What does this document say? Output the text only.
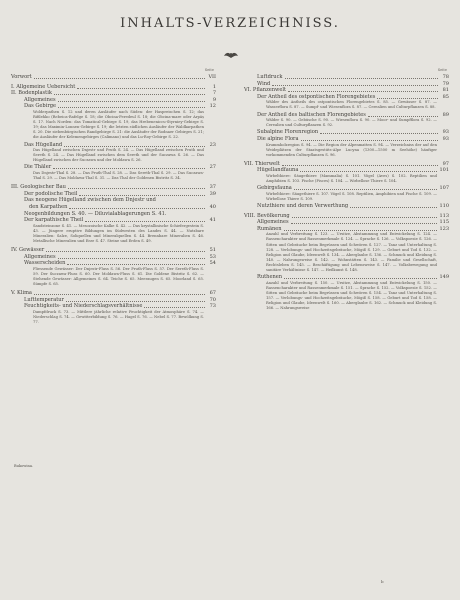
INHALTS-VERZEICHNISS.
Seite
Vorwort	VII
I. Allgemeine Uebersicht	1
II. Bodenplastik	7
Allgemeines	9
Das Gebirge	12
Wolderpathen S. 12 und deren Ausläufer nach Süden: der Haspreischen S. 12; das Rifilehko (Rebeica-Rafelge S. 18; die Obcina-Feredeul S. 18; die Obcina-mare oder Arpăș S. 17. Nach Norden: das Tomatical-Gebirge S. 19, das Hrebeneniccu-Styrniey-Gebirge S. 19; das Maximin-Lonnen-Gebirge S. 19; die letzten südlichen Ausläufer der Waldkarpathen S. 20. Die siebenbürgischen Randgebirge S. 21: die Ausläufer der Rodnaer Gebirges S. 21; die Ausläufer der Kelemengebirges (Calimano) und das Lu-Roy-Gebirge S. 22.
Das Hügelland	23
Das Hügelland zwischen Dnjestr und Pruth S. 24. — Das Hügelland zwischen Pruth und Sereth S. 24. — Das Hügelland zwischen dem Sereth und der Suczawa S. 26. — Das Hügelland zwischen der Suczawa und der Moldawa S. 26.
Die Thäler	27
Das Dnjestr-Thal S. 28. — Das Pruth-Thal S. 28. — Das Sereth-Thal S. 29. — Das Suczawa-Thal S. 29. — Das Moldawa-Thal S. 31. — Das Thal der Goldenen Bistritz S. 34.
III. Geologischer Bau	37
Der podolische Theil	39
Das neogene Hügelland zwischen dem Dnjestr und
den Karpathen	40
Neogenbildungen S. 40. — Diluvialablagerungen S. 41.
Der karpathische Theil	41
Sandsteinzone S. 41. — Mesozoische Kalke S. 42. — Das krystallinische Schiefergestein S. 43. — Jüngere eruptive Bildungen im Südwesten des Landes S. 44. — Nutzbare Mineralien: Salze, Soliquellen und Mineralquellen S. 44. Brennbare Mineralien S. 46. Metallische Mineralien und Erze S. 47. Steine und Erden S. 49.
IV. Gewässer	51
Allgemeines	53
Wasserscheiden	54
Fliessende Gewässer: Der Dnjestr-Fluss S. 56. Der Pruth-Fluss S. 57. Der Sereth-Fluss S. 59. Der Suczawa-Fluss S. 60. Der Moldawa-Fluss S. 61. Die Goldene Bistritz S. 62. — Stehende Gewässer: Allgemeines S. 64. Teiche S. 65. Meeraugen S. 65. Moorland S. 65. Sümpfe S. 65.
V. Klima	67
Lufttemperatur	70
Feuchtigkeits- und Niederschlagsverhältnisse	73
Dampfdruck S. 73. — Mittlere jährliche relative Feuchtigkeit der Atmosphäre S. 74. — Niederschlag S. 74. — Gewitterbildung S. 76. — Hagel S. 76. — Nebel S. 77. Bewölkung S. 77.
Seite
Luftdruck	78
Wind	79
VI. Pflanzenwelt	81
Der Antheil des ostpontischen Florengebietes	85
Wälder des Antheils des ostpontischen Florengebietes S. 85. — Gewässer S. 87. — Wasserflora S. 87. — Sumpf- und Wiesenflora S. 87. — Cerealien und Culturpflanzen S. 88.
Der Antheil des baltischen Florengebietes	89
Wälder S. 90. — Gebüsche S. 90. — Wiesenflora S. 90. — Moor- und Sumpfflora S. 92. — Cerealien und Culturpflanzen S. 92.
Subalpine Florenregion	93
Die alpine Flora	93
Krummholzregion S. 94. — Die Region der Alpenmatten S. 94. — Verzeichniss der auf den Weideplätzen der Staatsgestüts-Alpe Lucyna (1300—1500 m Seehöhe) häufiger vorkommenden Culturpflanzen S. 96.
VII. Thierwelt	97
Hügellandfauna	101
Wirbelthiere: Säugethiere (Mammalia) S. 101. Vögel (Aves) S. 102. Reptilien und Amphibien S. 103. Fische (Pisces) S. 104. — Wirbellose Thiere S. 104.
Gebirgsfauna	107
Wirbelthiere: Säugethiere S. 107. Vögel S. 108. Reptilien, Amphibien und Fische S. 109. — Wirbellose Thiere S. 109.
Nutzthiere und deren Verwerthung	110
VIII. Bevölkerung	113
Allgemeines	115
Rumänen	123
Anzahl und Verbreitung S. 123. — Ursitze, Abstammung und Entwickelung S. 124. — Rassencharakter und Rassenmerkmale S. 124. — Sprache S. 126. — Volkspoesie S. 126. — Sitten und Gebräuche beim Begrüssen und Schwören S. 127. — Tanz und Unterhaltung S. 128. — Verlobungs- und Hochzeitsgebräuche, Mögiß S. 129. — Geburt und Tod S. 132. — Religion und Glaube, Ideenwelt S. 134. — Aberglaube S. 136. — Schmuck und Kleidung S. 140. — Nahrungsweise S. 142. — Wohnstätten S. 143. — Familie und Gesellschaft, Rechtsleben S. 145. — Beschäftigung und Lebensweise S. 147. — Volksbewegung und sanitäre Verhältnisse S. 147. — Heilkunst S. 148.
Ruthenen	149
Anzahl und Verbreitung S. 150. — Ursitze, Abstammung und Entwickelung S. 150. — Rassencharakter und Rassenmerkmale S. 151. — Sprache S. 152. — Volkspoesie S. 152. — Sitten und Gebräuche beim Begrüssen und Schwören S. 154. — Tanz und Unterhaltung S. 157. — Verlobungs- und Hochzeitsgebräuche, Mögiß S. 158. — Geburt und Tod S. 158. — Religion und Glaube, Ideenwelt S. 160. — Aberglaube S. 162. — Schmuck und Kleidung S. 166. — Nahrungsweise
Bukowina.
b
